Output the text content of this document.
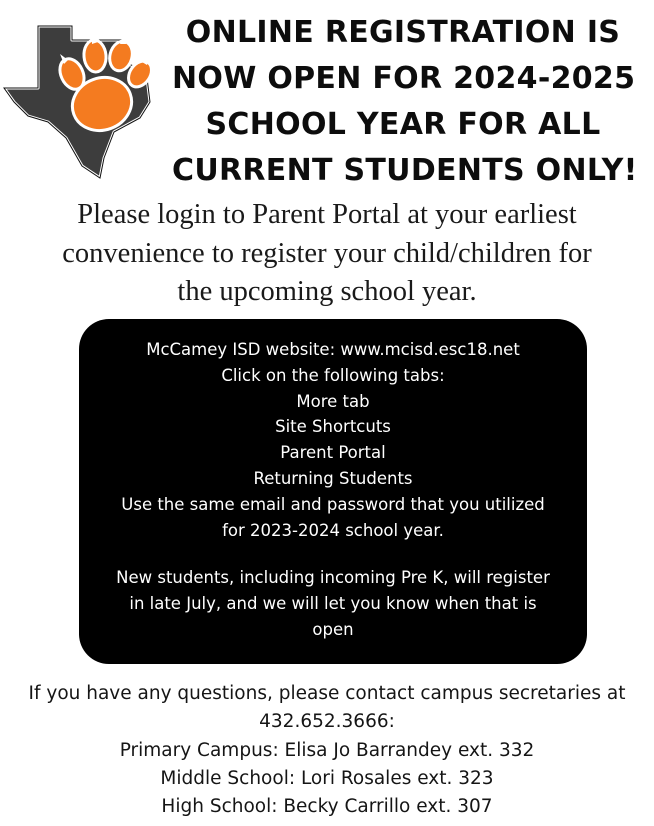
ONLINE REGISTRATION IS
NOW OPEN FOR 2024-2025
SCHOOL YEAR FOR ALL
CURRENT STUDENTS ONLY!
Please login to Parent Portal at your earliest
convenience to register your child/children for
the upcoming school year.
McCamey ISD website: www.mcisd.esc18.net
Click on the following tabs:
More tab
Site Shortcuts
Parent Portal
Returning Students
Use the same email and password that you utilized
for 2023-2024 school year.
New students, including incoming Pre K, will register
in late July, and we will let you know when that is
open
If you have any questions, please contact campus secretaries at
432.652.3666:
Primary Campus: Elisa Jo Barrandey ext. 332
Middle School: Lori Rosales ext. 323
High School: Becky Carrillo ext. 307
